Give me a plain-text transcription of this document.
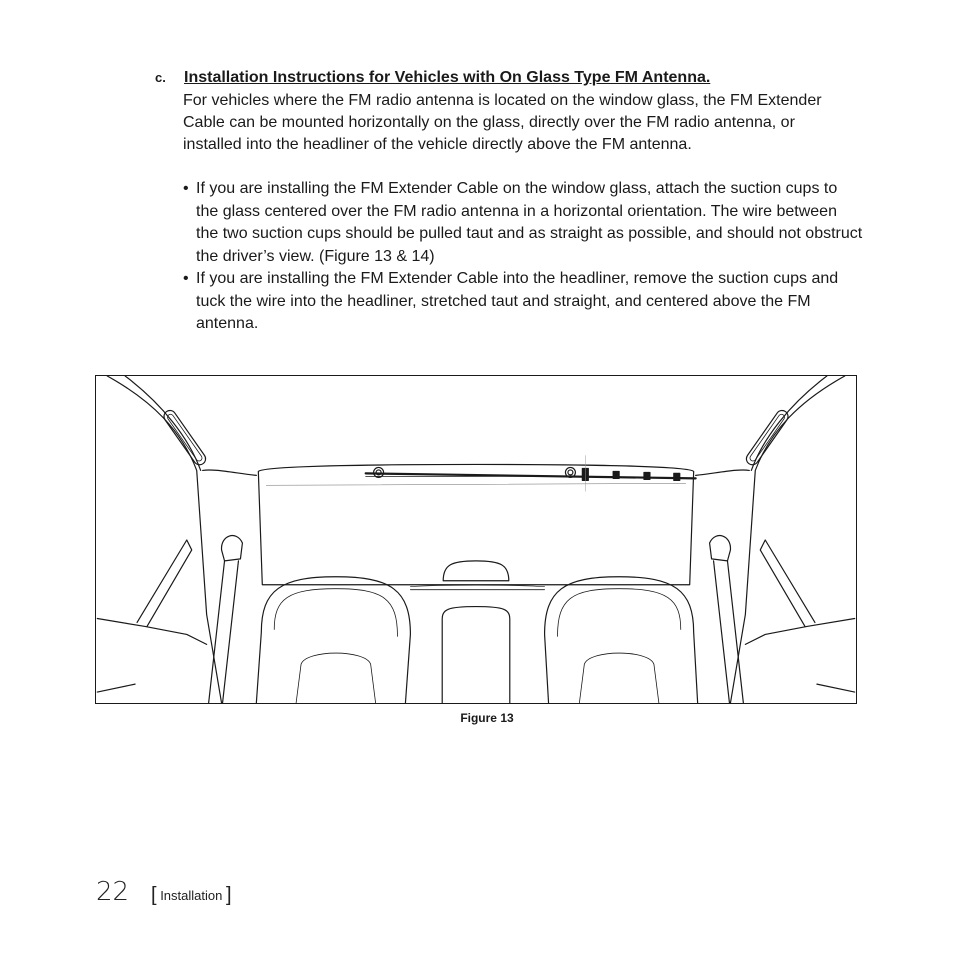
c. Installation Instructions for Vehicles with On Glass Type FM Antenna.
For vehicles where the FM radio antenna is located on the window glass, the FM Extender Cable can be mounted horizontally on the glass, directly over the FM radio antenna, or installed into the headliner of the vehicle directly above the FM antenna.
• If you are installing the FM Extender Cable on the window glass, attach the suction cups to the glass centered over the FM radio antenna in a horizontal orientation. The wire between the two suction cups should be pulled taut and as straight as possible, and should not obstruct the driver’s view. (Figure 13 & 14)
• If you are installing the FM Extender Cable into the headliner, remove the suction cups and tuck the wire into the headliner, stretched taut and straight, and centered above the FM antenna.
Figure 13
22 [ Installation ]
